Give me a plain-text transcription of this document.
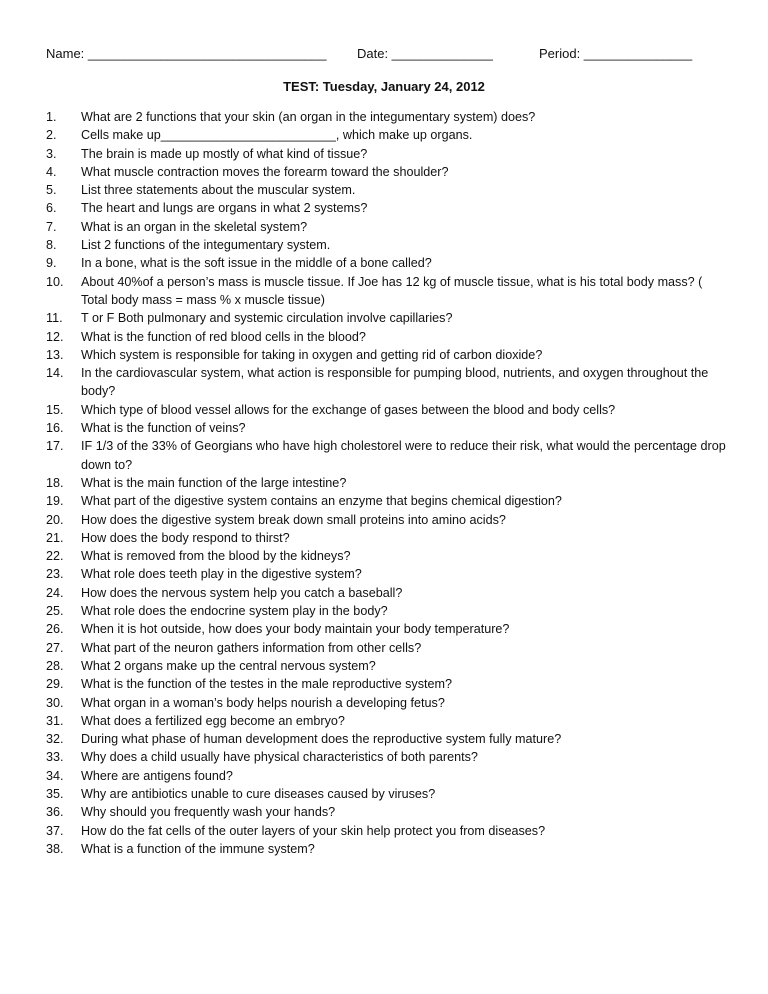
Name: _________________________________ Date: ______________	Period: _______________
TEST: Tuesday, January 24, 2012
1.	What are 2 functions that your skin (an organ in the integumentary system) does?
2.	Cells make up_________________________, which make up organs.
3.	The brain is made up mostly of what kind of tissue?
4.	What muscle contraction moves the forearm toward the shoulder?
5.	List three statements about the muscular system.
6.	The heart and lungs are organs in what 2 systems?
7.	What is an organ in the skeletal system?
8.	List 2 functions of the integumentary system.
9.	In a bone, what is the soft issue in the middle of a bone called?
10.	About 40%of a person’s mass is muscle tissue. If Joe has 12 kg of muscle tissue, what is his total body mass? ( Total body mass = mass % x muscle tissue)
11.	T or F Both pulmonary and systemic circulation involve capillaries?
12.	What is the function of red blood cells in the blood?
13.	Which system is responsible for taking in oxygen and getting rid of carbon dioxide?
14.	In the cardiovascular system, what action is responsible for pumping blood, nutrients, and oxygen throughout the body?
15.	Which type of blood vessel allows for the exchange of gases between the blood and body cells?
16.	What is the function of veins?
17.	IF 1/3 of the 33% of Georgians who have high cholestorel were to reduce their risk, what would the percentage drop down to?
18.	What is the main function of the large intestine?
19.	What part of the digestive system contains an enzyme that begins chemical digestion?
20.	How does the digestive system break down small proteins into amino acids?
21.	How does the body respond to thirst?
22.	What is removed from the blood by the kidneys?
23.	What role does teeth play in the digestive system?
24.	How does the nervous system help you catch a baseball?
25.	What role does the endocrine system play in the body?
26.	When it is hot outside, how does your body maintain your body temperature?
27.	What part of the neuron gathers information from other cells?
28.	What 2 organs make up the central nervous system?
29.	What is the function of the testes in the male reproductive system?
30.	What organ in a woman’s body helps nourish a developing fetus?
31.	What does a fertilized egg become an embryo?
32.	During what phase of human development does the reproductive system fully mature?
33.	Why does a child usually have physical characteristics of both parents?
34.	Where are antigens found?
35.	Why are antibiotics unable to cure diseases caused by viruses?
36.	Why should you frequently wash your hands?
37.	How do the fat cells of the outer layers of your skin help protect you from diseases?
38.	What is a function of the immune system?
